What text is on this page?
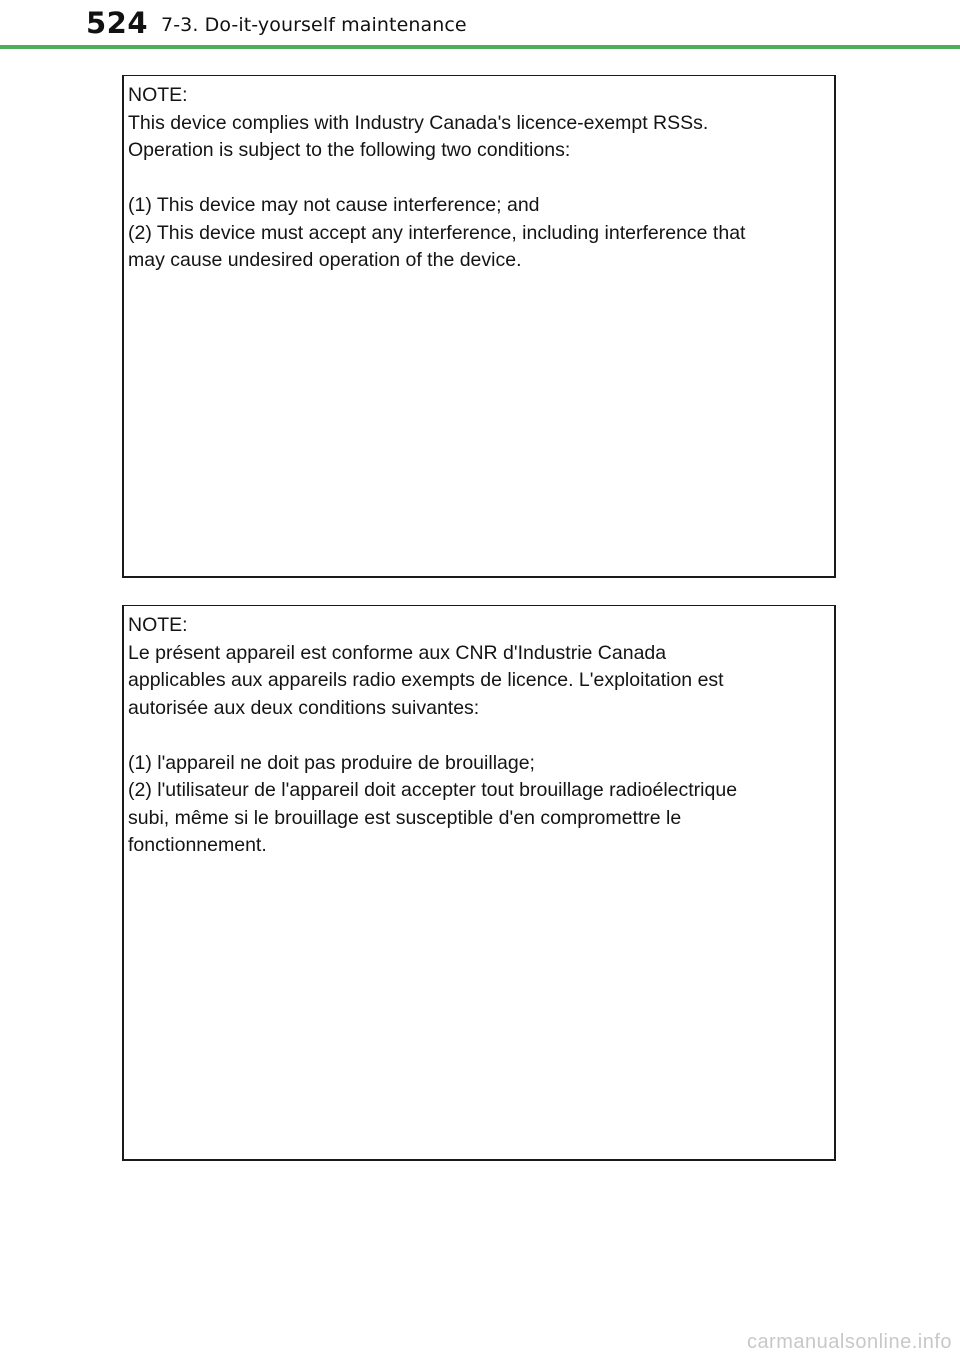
524 7-3. Do-it-yourself maintenance
NOTE:
This device complies with Industry Canada's licence-exempt RSSs.
Operation is subject to the following two conditions:
(1) This device may not cause interference; and
(2) This device must accept any interference, including interference that
may cause undesired operation of the device.
NOTE:
Le présent appareil est conforme aux CNR d'Industrie Canada
applicables aux appareils radio exempts de licence. L'exploitation est
autorisée aux deux conditions suivantes:
(1) l'appareil ne doit pas produire de brouillage;
(2) l'utilisateur de l'appareil doit accepter tout brouillage radioélectrique
subi, même si le brouillage est susceptible d'en compromettre le
fonctionnement.
carmanualsonline.info
